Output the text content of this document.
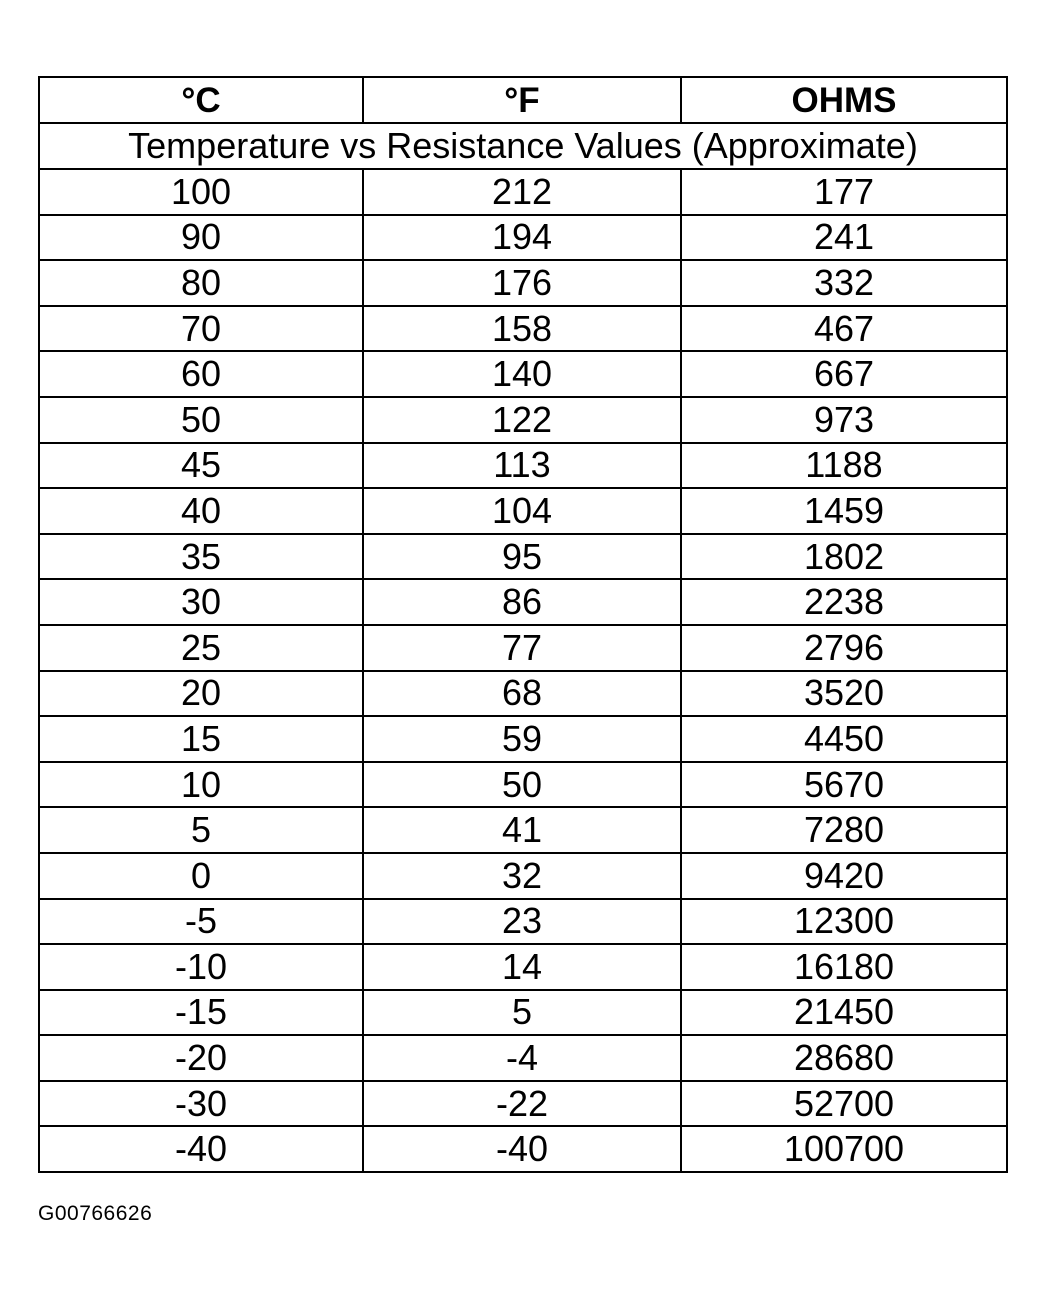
°C	°F	OHMS
Temperature vs Resistance Values (Approximate)		
100	212	177
90	194	241
80	176	332
70	158	467
60	140	667
50	122	973
45	113	1188
40	104	1459
35	95	1802
30	86	2238
25	77	2796
20	68	3520
15	59	4450
10	50	5670
5	41	7280
0	32	9420
-5	23	12300
-10	14	16180
-15	5	21450
-20	-4	28680
-30	-22	52700
-40	-40	100700
G00766626
